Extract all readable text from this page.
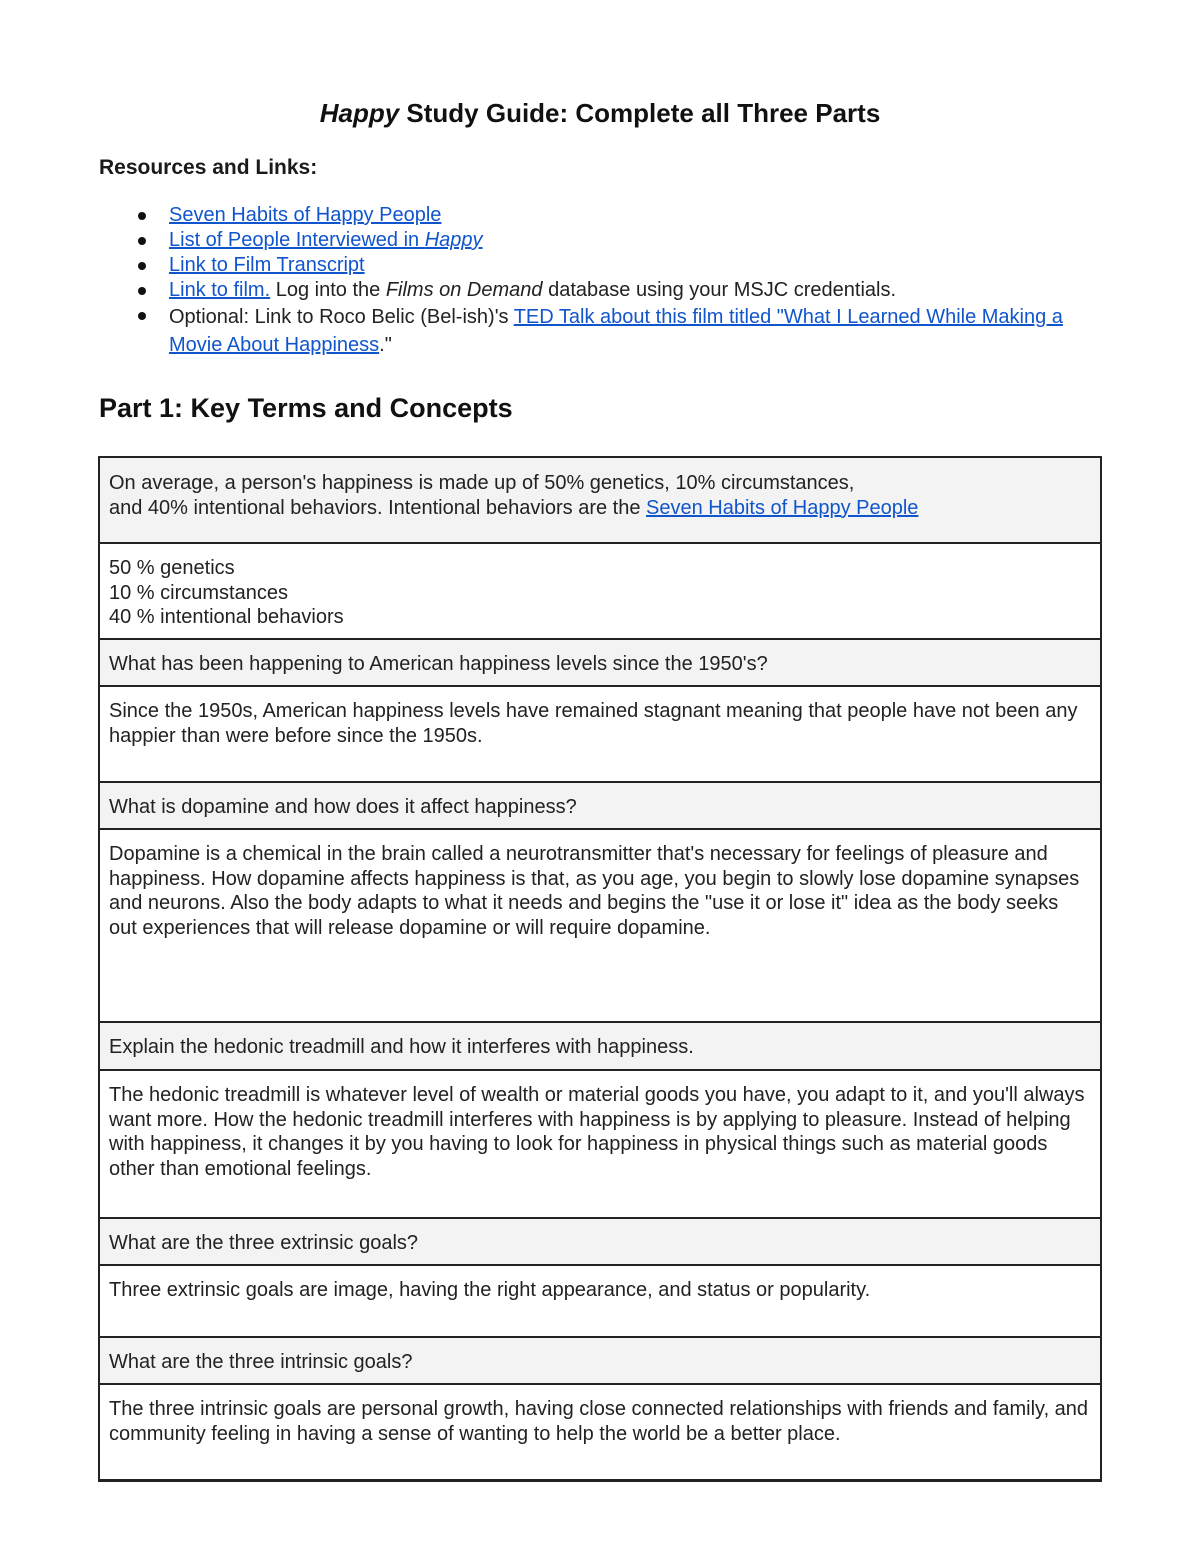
Happy Study Guide: Complete all Three Parts
Resources and Links:
Seven Habits of Happy People
List of People Interviewed in Happy
Link to Film Transcript
Link to film. Log into the Films on Demand database using your MSJC credentials.
Optional: Link to Roco Belic (Bel-ish)'s TED Talk about this film titled "What I Learned While Making a Movie About Happiness."
Part 1: Key Terms and Concepts
On average, a person's happiness is made up of 50% genetics, 10% circumstances,
and 40% intentional behaviors. Intentional behaviors are the Seven Habits of Happy People

50 % genetics
10 % circumstances
40 % intentional behaviors

What has been happening to American happiness levels since the 1950's?
Since the 1950s, American happiness levels have remained stagnant meaning that people have not been any happier than were before since the 1950s.
What is dopamine and how does it affect happiness?
Dopamine is a chemical in the brain called a neurotransmitter that's necessary for feelings of pleasure and happiness. How dopamine affects happiness is that, as you age, you begin to slowly lose dopamine synapses and neurons. Also the body adapts to what it needs and begins the "use it or lose it" idea as the body seeks out experiences that will release dopamine or will require dopamine.
Explain the hedonic treadmill and how it interferes with happiness.
The hedonic treadmill is whatever level of wealth or material goods you have, you adapt to it, and you'll always want more. How the hedonic treadmill interferes with happiness is by applying to pleasure. Instead of helping with happiness, it changes it by you having to look for happiness in physical things such as material goods other than emotional feelings.
What are the three extrinsic goals?
Three extrinsic goals are image, having the right appearance, and status or popularity.
What are the three intrinsic goals?
The three intrinsic goals are personal growth, having close connected relationships with friends and family, and community feeling in having a sense of wanting to help the world be a better place.
